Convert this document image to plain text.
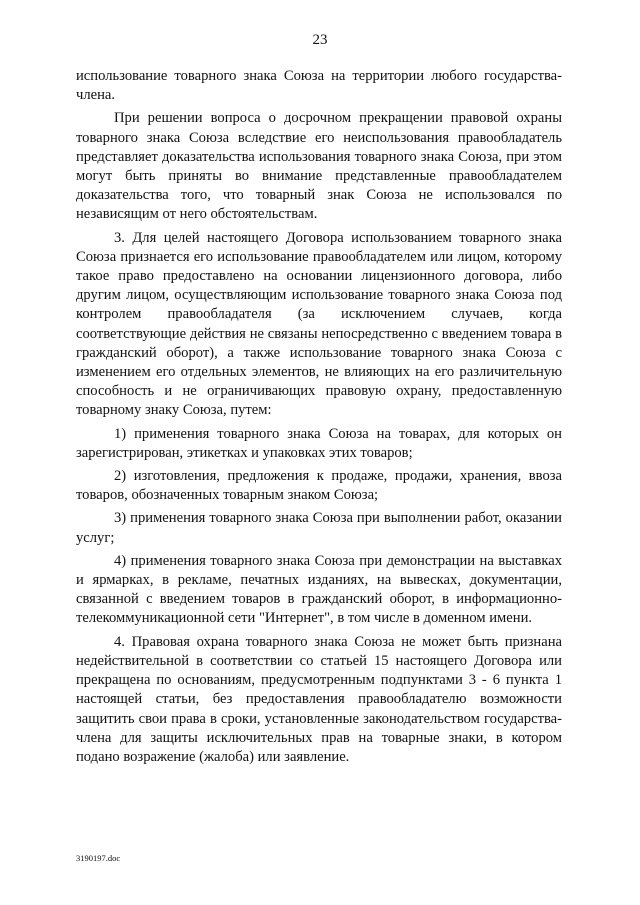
23

использование товарного знака Союза на территории любого государства-члена.

При решении вопроса о досрочном прекращении правовой охраны товарного знака Союза вследствие его неиспользования правообладатель представляет доказательства использования товарного знака Союза, при этом могут быть приняты во внимание представленные правообладателем доказательства того, что товарный знак Союза не использовался по независящим от него обстоятельствам.

3. Для целей настоящего Договора использованием товарного знака Союза признается его использование правообладателем или лицом, которому такое право предоставлено на основании лицензионного договора, либо другим лицом, осуществляющим использование товарного знака Союза под контролем правообладателя (за исключением случаев, когда соответствующие действия не связаны непосредственно с введением товара в гражданский оборот), а также использование товарного знака Союза с изменением его отдельных элементов, не влияющих на его различительную способность и не ограничивающих правовую охрану, предоставленную товарному знаку Союза, путем:

1) применения товарного знака Союза на товарах, для которых он зарегистрирован, этикетках и упаковках этих товаров;

2) изготовления, предложения к продаже, продажи, хранения, ввоза товаров, обозначенных товарным знаком Союза;

3) применения товарного знака Союза при выполнении работ, оказании услуг;

4) применения товарного знака Союза при демонстрации на выставках и ярмарках, в рекламе, печатных изданиях, на вывесках, документации, связанной с введением товаров в гражданский оборот, в информационно-телекоммуникационной сети "Интернет", в том числе в доменном имени.

4. Правовая охрана товарного знака Союза не может быть признана недействительной в соответствии со статьей 15 настоящего Договора или прекращена по основаниям, предусмотренным подпунктами 3 - 6 пункта 1 настоящей статьи, без предоставления правообладателю возможности защитить свои права в сроки, установленные законодательством государства-члена для защиты исключительных прав на товарные знаки, в котором подано возражение (жалоба) или заявление.

3190197.doc
